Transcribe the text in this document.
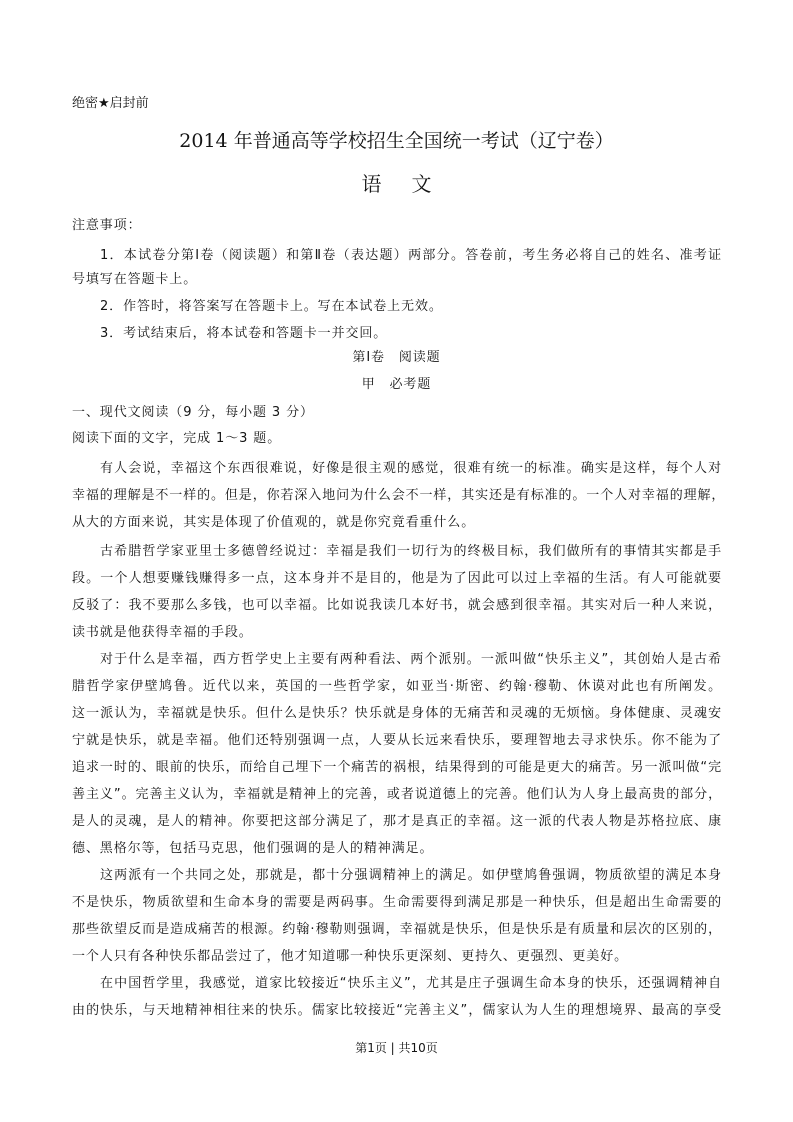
绝密★启封前
2014 年普通高等学校招生全国统一考试（辽宁卷）
语文
注意事项：
1．本试卷分第Ⅰ卷（阅读题）和第Ⅱ卷（表达题）两部分。答卷前，考生务必将自己的姓名、准考证
号填写在答题卡上。
2．作答时，将答案写在答题卡上。写在本试卷上无效。
3．考试结束后，将本试卷和答题卡一并交回。
第Ⅰ卷　阅读题
甲　必考题
一、现代文阅读（9 分，每小题 3 分）
阅读下面的文字，完成 1～3 题。
有人会说，幸福这个东西很难说，好像是很主观的感觉，很难有统一的标准。确实是这样，每个人对
幸福的理解是不一样的。但是，你若深入地问为什么会不一样，其实还是有标准的。一个人对幸福的理解，
从大的方面来说，其实是体现了价值观的，就是你究竟看重什么。
古希腊哲学家亚里士多德曾经说过：幸福是我们一切行为的终极目标，我们做所有的事情其实都是手
段。一个人想要赚钱赚得多一点，这本身并不是目的，他是为了因此可以过上幸福的生活。有人可能就要
反驳了：我不要那么多钱，也可以幸福。比如说我读几本好书，就会感到很幸福。其实对后一种人来说，
读书就是他获得幸福的手段。
对于什么是幸福，西方哲学史上主要有两种看法、两个派别。一派叫做“快乐主义”，其创始人是古希
腊哲学家伊壁鸠鲁。近代以来，英国的一些哲学家，如亚当·斯密、约翰·穆勒、休谟对此也有所阐发。
这一派认为，幸福就是快乐。但什么是快乐？快乐就是身体的无痛苦和灵魂的无烦恼。身体健康、灵魂安
宁就是快乐，就是幸福。他们还特别强调一点，人要从长远来看快乐，要理智地去寻求快乐。你不能为了
追求一时的、眼前的快乐，而给自己埋下一个痛苦的祸根，结果得到的可能是更大的痛苦。另一派叫做“完
善主义”。完善主义认为，幸福就是精神上的完善，或者说道德上的完善。他们认为人身上最高贵的部分，
是人的灵魂，是人的精神。你要把这部分满足了，那才是真正的幸福。这一派的代表人物是苏格拉底、康
德、黑格尔等，包括马克思，他们强调的是人的精神满足。
这两派有一个共同之处，那就是，都十分强调精神上的满足。如伊壁鸠鲁强调，物质欲望的满足本身
不是快乐，物质欲望和生命本身的需要是两码事。生命需要得到满足那是一种快乐，但是超出生命需要的
那些欲望反而是造成痛苦的根源。约翰·穆勒则强调，幸福就是快乐，但是快乐是有质量和层次的区别的，
一个人只有各种快乐都品尝过了，他才知道哪一种快乐更深刻、更持久、更强烈、更美好。
在中国哲学里，我感觉，道家比较接近“快乐主义”，尤其是庄子强调生命本身的快乐，还强调精神自
由的快乐，与天地精神相往来的快乐。儒家比较接近“完善主义”，儒家认为人生的理想境界、最高的享受
第1页 | 共10页
